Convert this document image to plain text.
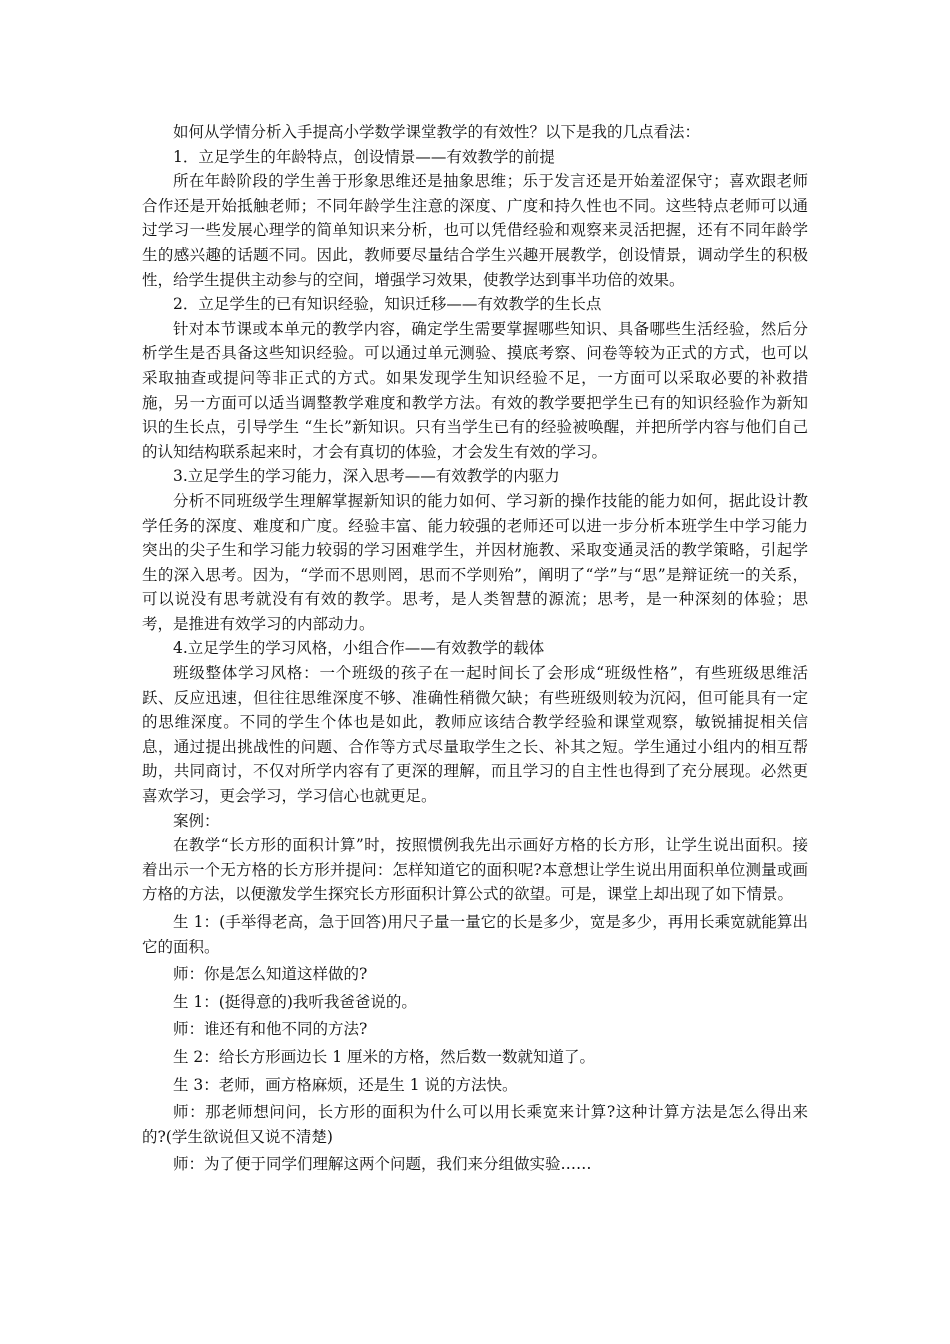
如何从学情分析入手提高小学数学课堂教学的有效性？以下是我的几点看法：

1．立足学生的年龄特点，创设情景——有效教学的前提

所在年龄阶段的学生善于形象思维还是抽象思维；乐于发言还是开始羞涩保守；喜欢跟老师合作还是开始抵触老师；不同年龄学生注意的深度、广度和持久性也不同。这些特点老师可以通过学习一些发展心理学的简单知识来分析，也可以凭借经验和观察来灵活把握，还有不同年龄学生的感兴趣的话题不同。因此，教师要尽量结合学生兴趣开展教学，创设情景，调动学生的积极性，给学生提供主动参与的空间，增强学习效果，使教学达到事半功倍的效果。

2．立足学生的已有知识经验，知识迁移——有效教学的生长点

针对本节课或本单元的教学内容，确定学生需要掌握哪些知识、具备哪些生活经验，然后分析学生是否具备这些知识经验。可以通过单元测验、摸底考察、问卷等较为正式的方式，也可以采取抽查或提问等非正式的方式。如果发现学生知识经验不足，一方面可以采取必要的补救措施，另一方面可以适当调整教学难度和教学方法。有效的教学要把学生已有的知识经验作为新知识的生长点，引导学生 “生长”新知识。只有当学生已有的经验被唤醒，并把所学内容与他们自己的认知结构联系起来时，才会有真切的体验，才会发生有效的学习。

3.立足学生的学习能力，深入思考——有效教学的内驱力

分析不同班级学生理解掌握新知识的能力如何、学习新的操作技能的能力如何，据此设计教学任务的深度、难度和广度。经验丰富、能力较强的老师还可以进一步分析本班学生中学习能力突出的尖子生和学习能力较弱的学习困难学生，并因材施教、采取变通灵活的教学策略，引起学生的深入思考。因为，“学而不思则罔，思而不学则殆”，阐明了“学”与“思”是辩证统一的关系，可以说没有思考就没有有效的教学。思考，是人类智慧的源流；思考，是一种深刻的体验；思考，是推进有效学习的内部动力。

4.立足学生的学习风格，小组合作——有效教学的载体

班级整体学习风格：一个班级的孩子在一起时间长了会形成“班级性格”，有些班级思维活跃、反应迅速，但往往思维深度不够、准确性稍微欠缺；有些班级则较为沉闷，但可能具有一定的思维深度。不同的学生个体也是如此，教师应该结合教学经验和课堂观察，敏锐捕捉相关信息，通过提出挑战性的问题、合作等方式尽量取学生之长、补其之短。学生通过小组内的相互帮助，共同商讨，不仅对所学内容有了更深的理解，而且学习的自主性也得到了充分展现。必然更喜欢学习，更会学习，学习信心也就更足。

案例：

在教学“长方形的面积计算”时，按照惯例我先出示画好方格的长方形，让学生说出面积。接着出示一个无方格的长方形并提问：怎样知道它的面积呢?本意想让学生说出用面积单位测量或画方格的方法，以便激发学生探究长方形面积计算公式的欲望。可是，课堂上却出现了如下情景。

生 1：(手举得老高，急于回答)用尺子量一量它的长是多少，宽是多少，再用长乘宽就能算出它的面积。

师：你是怎么知道这样做的?

生 1：(挺得意的)我听我爸爸说的。

师：谁还有和他不同的方法?

生 2：给长方形画边长 1 厘米的方格，然后数一数就知道了。

生 3：老师，画方格麻烦，还是生 1 说的方法快。

师：那老师想问问，长方形的面积为什么可以用长乘宽来计算?这种计算方法是怎么得出来的?(学生欲说但又说不清楚)

师：为了便于同学们理解这两个问题，我们来分组做实验……
